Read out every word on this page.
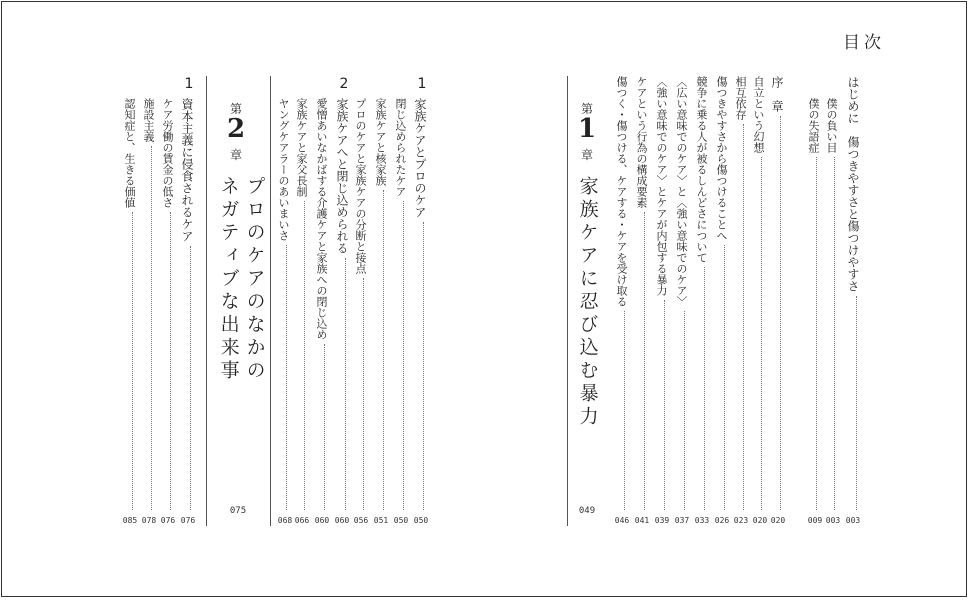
目次
はじめに　傷つきやすさと傷つけやすさ
003
僕の負い目
003
僕の失語症
009
序　章
020
自立という幻想
020
相互依存
023
傷つきやすさから傷つけることへ
026
競争に乗る人が被るしんどさについて
033
〈広い意味でのケア〉と〈強い意味でのケア〉
037
〈強い意味でのケア〉とケアが内包する暴力
039
ケアという行為の構成要素
041
傷つく・傷つける、ケアする・ケアを受け取る
046
第
1
章
家族ケアに忍び込む暴力
049
1
家族ケアとプロのケア
050
閉じ込められたケア
050
家族ケアと核家族
051
プロのケアと家族ケアの分断と接点
056
2
家族ケアへと閉じ込められる
060
愛憎あいなかばする介護ケアと家族への閉じ込め
060
家族ケアと家父長制
066
ヤングケアラーのあいまいさ
068
第
2
章
プロのケアのなかの
ネガティブな出来事
075
1
資本主義に侵食されるケア
076
ケア労働の賃金の低さ
076
施設主義
078
認知症と、生きる価値
085
